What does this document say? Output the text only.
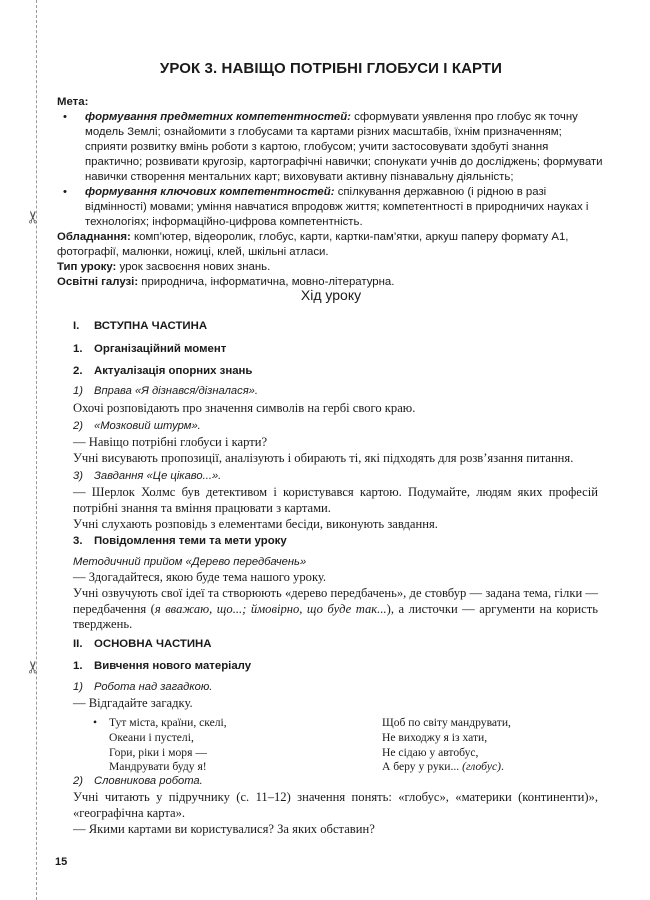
✂
✂
УРОК 3. НАВІЩО ПОТРІБНІ ГЛОБУСИ І КАРТИ

Мета:

• формування предметних компетентностей: сформувати уявлення про глобус як точну модель Землі; ознайомити з глобусами та картами різних масштабів, їхнім призначенням; сприяти розвитку вмінь роботи з картою, глобусом; учити застосовувати здобуті знання практично; розвивати кругозір, картографічні навички; спонукати учнів до досліджень; формувати навички створення ментальних карт; виховувати активну пізнавальну діяльність;

• формування ключових компетентностей: спілкування державною (і рідною в разі відмінності) мовами; уміння навчатися впродовж життя; компетентності в природничих науках і технологіях; інформаційно-цифрова компетентність.

Обладнання: комп’ютер, відеоролик, глобус, карти, картки-пам’ятки, аркуш паперу формату А1, фотографії, малюнки, ножиці, клей, шкільні атласи.

Тип уроку: урок засвоєння нових знань.

Освітні галузі: природнича, інформатична, мовно-літературна.

Хід уроку
I. ВСТУПНА ЧАСТИНА
1. Організаційний момент
2. Актуалізація опорних знань
1) Вправа «Я дізнався/дізналася».
Охочі розповідають про значення символів на гербі свого краю.
2) «Мозковий штурм».

— Навіщо потрібні глобуси і карти?

Учні висувають пропозиції, аналізують і обирають ті, які підходять для розв’язання питання.

3) Завдання «Це цікаво...».

— Шерлок Холмс був детективом і користувався картою. Подумайте, людям яких професій потрібні знання та вміння працювати з картами.

Учні слухають розповідь з елементами бесіди, виконують завдання.

3. Повідомлення теми та мети уроку
Методичний прийом «Дерево передбачень»

— Здогадайтеся, якою буде тема нашого уроку.

Учні озвучують свої ідеї та створюють «дерево передбачень», де стовбур — задана тема, гілки — передбачення (я вважаю, що...; ймовірно, що буде так...), а листочки — аргументи на користь тверджень.

II. ОСНОВНА ЧАСТИНА
1. Вивчення нового матеріалу
1) Робота над загадкою.
— Відгадайте загадку.
• Тут міста, країни, скелі,
Океани і пустелі,
Гори, ріки і моря —
Мандрувати буду я!
Щоб по світу мандрувати,
Не виходжу я із хати,
Не сідаю у автобус,
А беру у руки... (глобус).
2) Словникова робота.

Учні читають у підручнику (с. 11–12) значення понять: «глобус», «материки (континенти)», «географічна карта».

— Якими картами ви користувалися? За яких обставин?

15
